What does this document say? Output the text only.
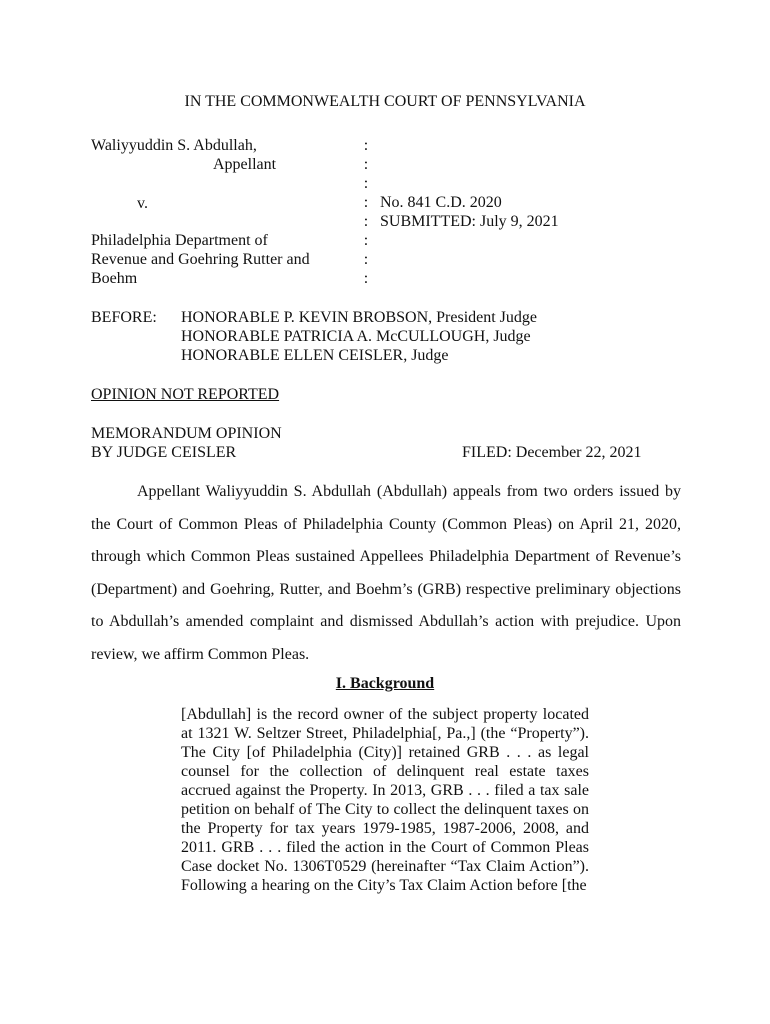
IN THE COMMONWEALTH COURT OF PENNSYLVANIA
Waliyyuddin S. Abdullah,
Appellant
v.
Philadelphia Department of
Revenue and Goehring Rutter and
Boehm
:
:
:
:
:
:
:
:
No. 841 C.D. 2020
SUBMITTED: July 9, 2021
BEFORE: HONORABLE P. KEVIN BROBSON, President Judge
HONORABLE PATRICIA A. McCULLOUGH, Judge
HONORABLE ELLEN CEISLER, Judge
OPINION NOT REPORTED
MEMORANDUM OPINION
BY JUDGE CEISLER	FILED: December 22, 2021

Appellant Waliyyuddin S. Abdullah (Abdullah) appeals from two orders issued by the Court of Common Pleas of Philadelphia County (Common Pleas) on April 21, 2020, through which Common Pleas sustained Appellees Philadelphia Department of Revenue’s (Department) and Goehring, Rutter, and Boehm’s (GRB) respective preliminary objections to Abdullah’s amended complaint and dismissed Abdullah’s action with prejudice. Upon review, we affirm Common Pleas.

I. Background

[Abdullah] is the record owner of the subject property located at 1321 W. Seltzer Street, Philadelphia[, Pa.,] (the “Property”). The City [of Philadelphia (City)] retained GRB . . . as legal counsel for the collection of delinquent real estate taxes accrued against the Property. In 2013, GRB . . . filed a tax sale petition on behalf of The City to collect the delinquent taxes on the Property for tax years 1979-1985, 1987-2006, 2008, and 2011. GRB . . . filed the action in the Court of Common Pleas Case docket No. 1306T0529 (hereinafter “Tax Claim Action”). Following a hearing on the City’s Tax Claim Action before [the
